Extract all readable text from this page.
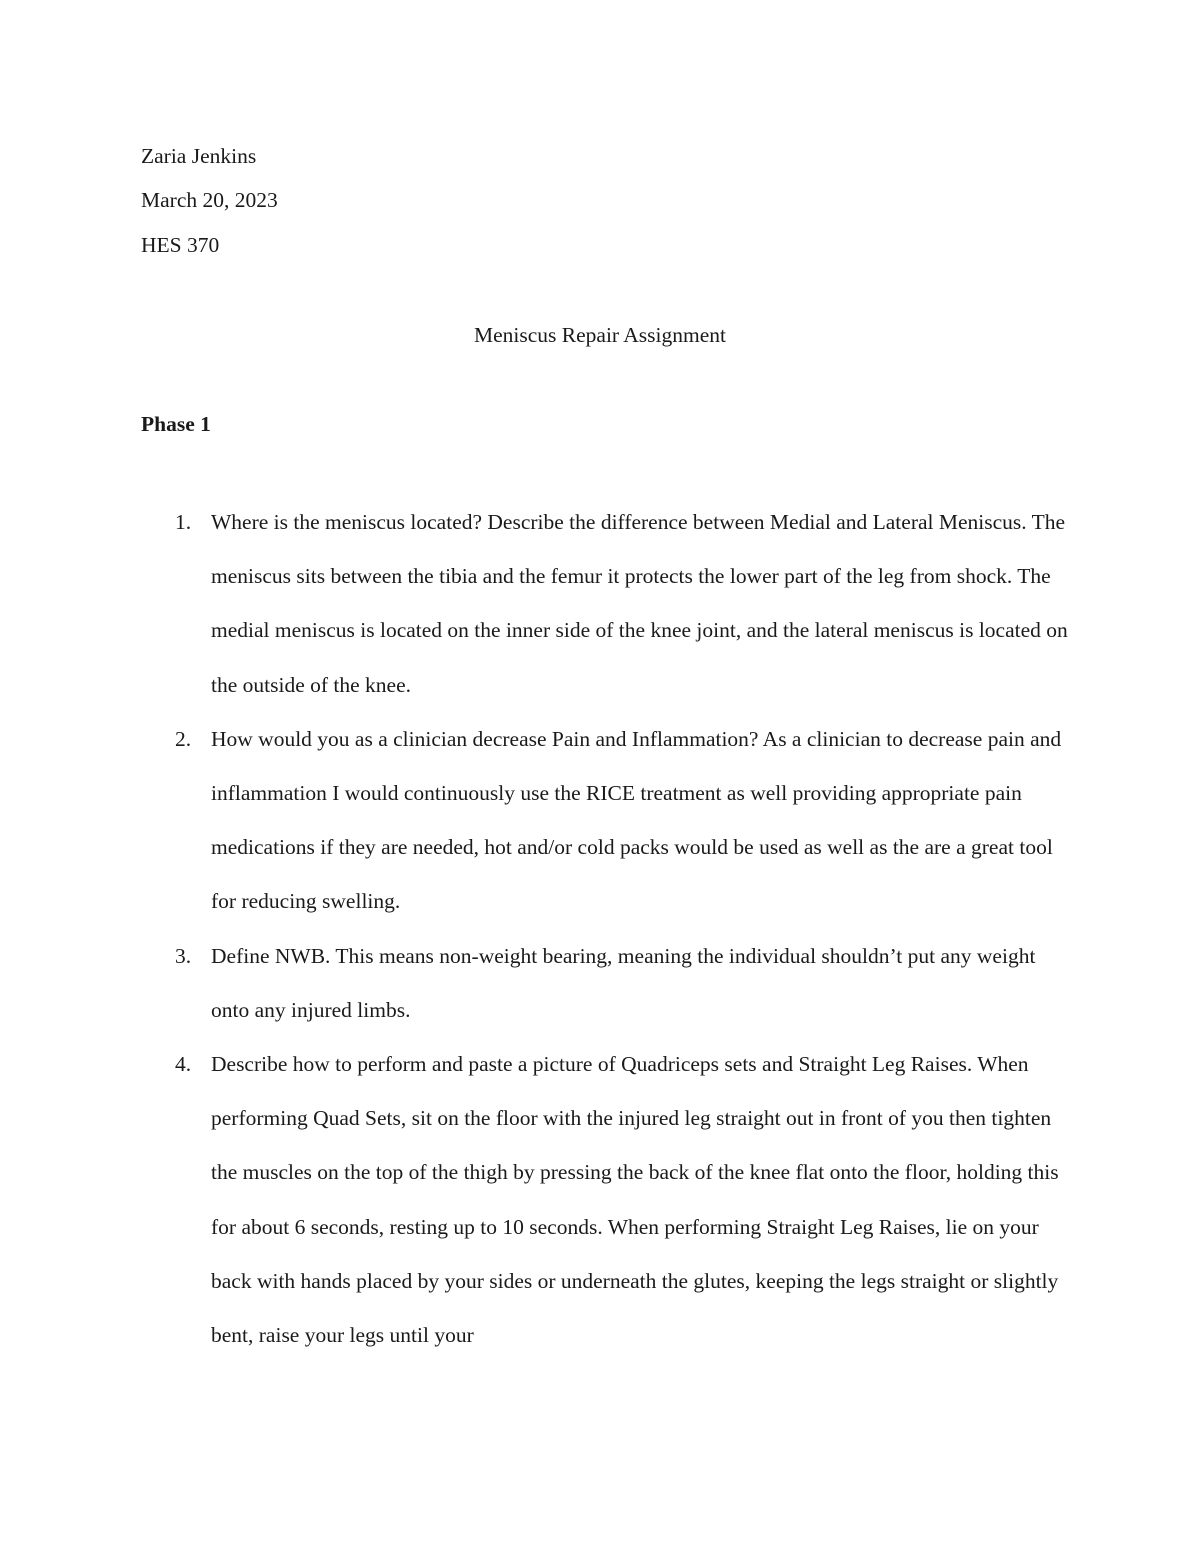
Zaria Jenkins

March 20, 2023

HES 370

Meniscus Repair Assignment
Phase 1
1. Where is the meniscus located? Describe the difference between Medial and Lateral Meniscus. The meniscus sits between the tibia and the femur it protects the lower part of the leg from shock. The medial meniscus is located on the inner side of the knee joint, and the lateral meniscus is located on the outside of the knee.
2. How would you as a clinician decrease Pain and Inflammation? As a clinician to decrease pain and inflammation I would continuously use the RICE treatment as well providing appropriate pain medications if they are needed, hot and/or cold packs would be used as well as the are a great tool for reducing swelling.
3. Define NWB. This means non-weight bearing, meaning the individual shouldn’t put any weight onto any injured limbs.
4. Describe how to perform and paste a picture of Quadriceps sets and Straight Leg Raises. When performing Quad Sets, sit on the floor with the injured leg straight out in front of you then tighten the muscles on the top of the thigh by pressing the back of the knee flat onto the floor, holding this for about 6 seconds, resting up to 10 seconds. When performing Straight Leg Raises, lie on your back with hands placed by your sides or underneath the glutes, keeping the legs straight or slightly bent, raise your legs until your
